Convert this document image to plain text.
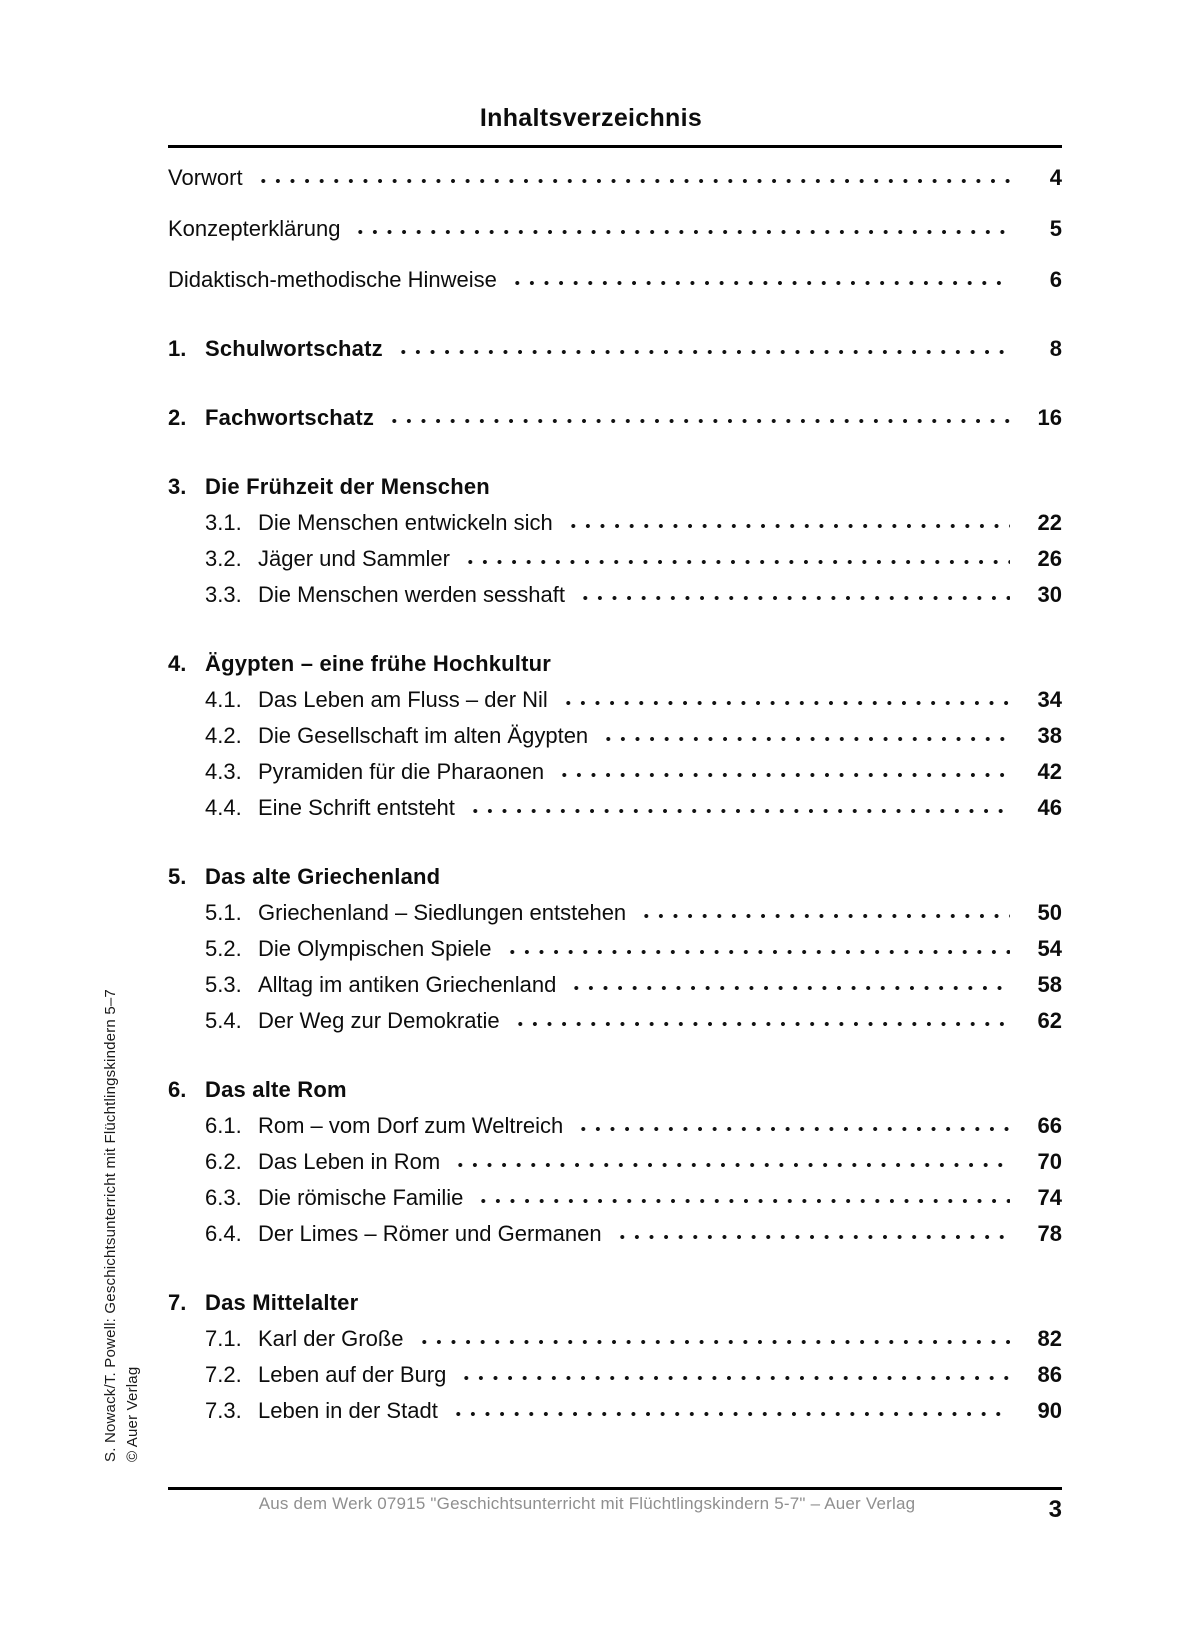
Inhaltsverzeichnis
Vorwort	4
Konzepterklärung	5
Didaktisch-methodische Hinweise	6
1. Schulwortschatz	8
2. Fachwortschatz	16
3. Die Frühzeit der Menschen
3.1. Die Menschen entwickeln sich	22
3.2. Jäger und Sammler	26
3.3. Die Menschen werden sesshaft	30
4. Ägypten – eine frühe Hochkultur
4.1. Das Leben am Fluss – der Nil	34
4.2. Die Gesellschaft im alten Ägypten	38
4.3. Pyramiden für die Pharaonen	42
4.4. Eine Schrift entsteht	46
5. Das alte Griechenland
5.1. Griechenland – Siedlungen entstehen	50
5.2. Die Olympischen Spiele	54
5.3. Alltag im antiken Griechenland	58
5.4. Der Weg zur Demokratie	62
6. Das alte Rom
6.1. Rom – vom Dorf zum Weltreich	66
6.2. Das Leben in Rom	70
6.3. Die römische Familie	74
6.4. Der Limes – Römer und Germanen	78
7. Das Mittelalter
7.1. Karl der Große	82
7.2. Leben auf der Burg	86
7.3. Leben in der Stadt	90
S. Nowack/T. Powell: Geschichtsunterricht mit Flüchtlingskindern 5–7 © Auer Verlag
Aus dem Werk 07915 "Geschichtsunterricht mit Flüchtlingskindern 5-7" – Auer Verlag	3
